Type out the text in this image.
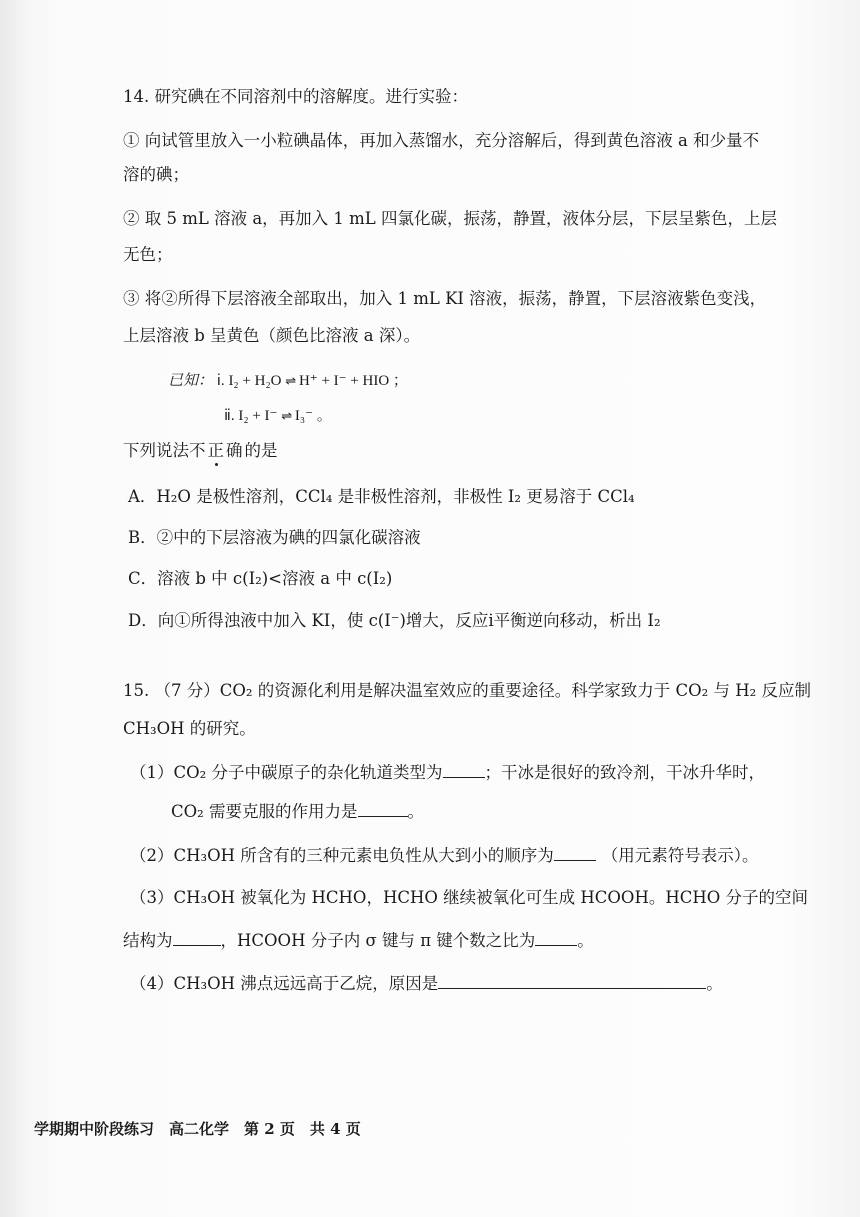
14. 研究碘在不同溶剂中的溶解度。进行实验：
① 向试管里放入一小粒碘晶体，再加入蒸馏水，充分溶解后，得到黄色溶液 a 和少量不
溶的碘；
② 取 5 mL 溶液 a，再加入 1 mL 四氯化碳，振荡，静置，液体分层，下层呈紫色，上层
无色；
③ 将②所得下层溶液全部取出，加入 1 mL KI 溶液，振荡，静置，下层溶液紫色变浅，
上层溶液 b 呈黄色（颜色比溶液 a 深）。
已知： ⅰ. I₂ + H₂O ⇌ H⁺ + I⁻ + HIO ；
ⅱ. I₂ + I⁻ ⇌ I₃⁻ 。
下列说法不正确的是
A．H₂O 是极性溶剂，CCl₄ 是非极性溶剂，非极性 I₂ 更易溶于 CCl₄
B．②中的下层溶液为碘的四氯化碳溶液
C．溶液 b 中 c(I₂)<溶液 a 中 c(I₂)
D．向①所得浊液中加入 KI，使 c(I⁻)增大，反应ⅰ平衡逆向移动，析出 I₂
15. （7 分）CO₂ 的资源化利用是解决温室效应的重要途径。科学家致力于 CO₂ 与 H₂ 反应制
CH₃OH 的研究。
（1）CO₂ 分子中碳原子的杂化轨道类型为	；干冰是很好的致冷剂，干冰升华时，
CO₂ 需要克服的作用力是	。
（2）CH₃OH 所含有的三种元素电负性从大到小的顺序为	（用元素符号表示）。
（3）CH₃OH 被氧化为 HCHO，HCHO 继续被氧化可生成 HCOOH。HCHO 分子的空间
结构为	，HCOOH 分子内 σ 键与 π 键个数之比为	。
（4）CH₃OH 沸点远远高于乙烷，原因是	。
学期期中阶段练习　高二化学　第 2 页　共 4 页
